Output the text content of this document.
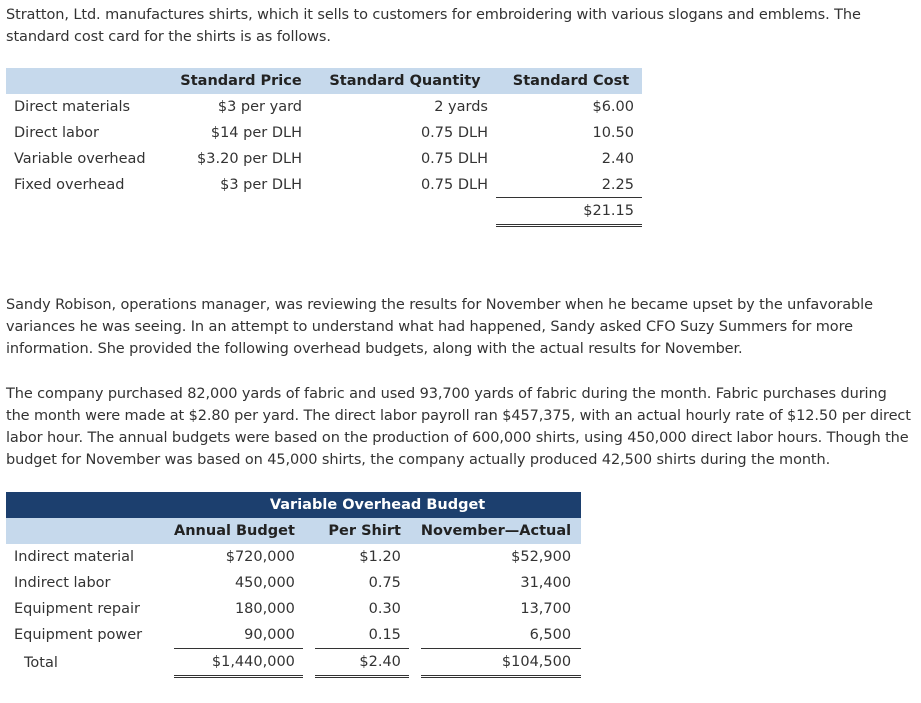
Stratton, Ltd. manufactures shirts, which it sells to customers for embroidering with various slogans and emblems. The standard cost card for the shirts is as follows.

	Standard Price	Standard Quantity	Standard Cost
Direct materials	$3 per yard	2 yards	$6.00
Direct labor	$14 per DLH	0.75 DLH	10.50
Variable overhead	$3.20 per DLH	0.75 DLH	2.40
Fixed overhead	$3 per DLH	0.75 DLH	2.25
			$21.15

Sandy Robison, operations manager, was reviewing the results for November when he became upset by the unfavorable variances he was seeing. In an attempt to understand what had happened, Sandy asked CFO Suzy Summers for more information. She provided the following overhead budgets, along with the actual results for November.

The company purchased 82,000 yards of fabric and used 93,700 yards of fabric during the month. Fabric purchases during the month were made at $2.80 per yard. The direct labor payroll ran $457,375, with an actual hourly rate of $12.50 per direct labor hour. The annual budgets were based on the production of 600,000 shirts, using 450,000 direct labor hours. Though the budget for November was based on 45,000 shirts, the company actually produced 42,500 shirts during the month.

	Variable Overhead Budget				
	Annual Budget		Per Shirt		November—Actual
Indirect material	$720,000		$1.20		$52,900
Indirect labor	450,000		0.75		31,400
Equipment repair	180,000		0.30		13,700
Equipment power	90,000		0.15		6,500
Total	$1,440,000		$2.40		$104,500
